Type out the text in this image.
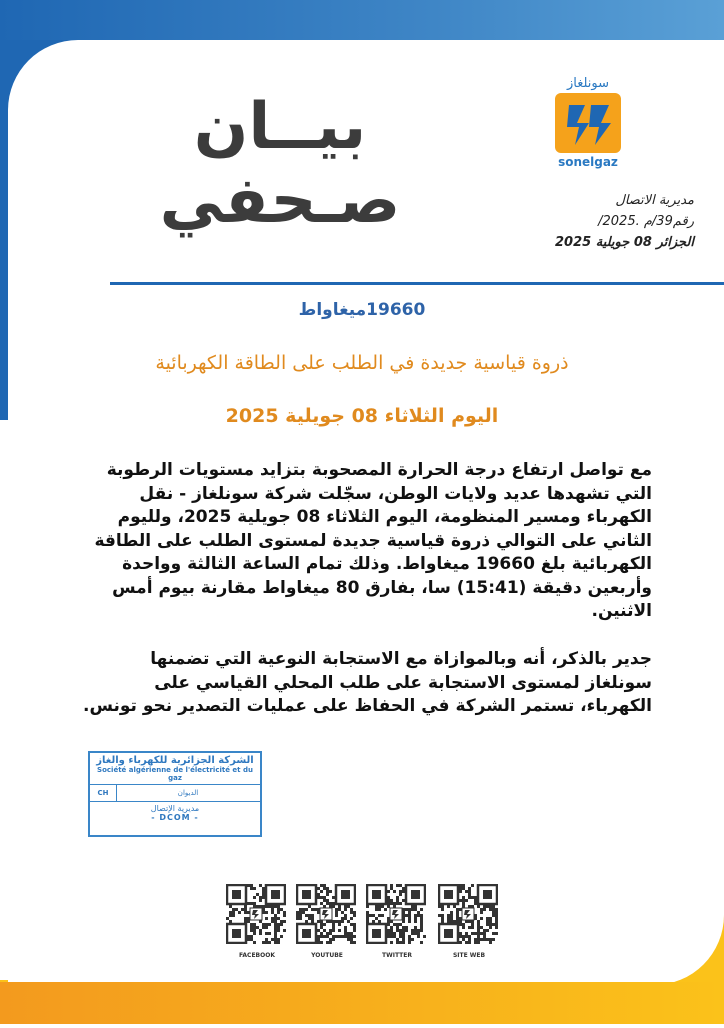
سونلغاز
sonelgaz
بيــان صـحفي	مديرية الاتصال
رقم39/م .2025/
الجزائر 08 جويلية 2025
19660ميغاواط
ذروة قياسية جديدة في الطلب على الطاقة الكهربائية
اليوم الثلاثاء 08 جويلية 2025
مع تواصل ارتفاع درجة الحرارة المصحوبة بتزايد مستويات الرطوبة التي تشهدها عديد ولايات الوطن، سجّلت شركة سونلغاز - نقل الكهرباء ومسير المنظومة، اليوم الثلاثاء 08 جويلية 2025، ولليوم الثاني على التوالي ذروة قياسية جديدة لمستوى الطلب على الطاقة الكهربائية بلغ 19660 ميغاواط. وذلك تمام الساعة الثالثة وواحدة وأربعين دقيقة (15:41) سا، بفارق 80 ميغاواط مقارنة بيوم أمس الاثنين.
جدير بالذكر، أنه وبالموازاة مع الاستجابة النوعية التي تضمنها سونلغاز لمستوى الاستجابة على طلب المحلي القياسي على الكهرباء، تستمر الشركة في الحفاظ على عمليات التصدير نحو تونس.
الشركة الجزائرية للكهرباء والغاز
Société algérienne de l'électricité et du gaz
CH	الديوان
مديرية الإتصال
- DCOM -
FACEBOOK	YOUTUBE	TWITTER	SITE WEB
